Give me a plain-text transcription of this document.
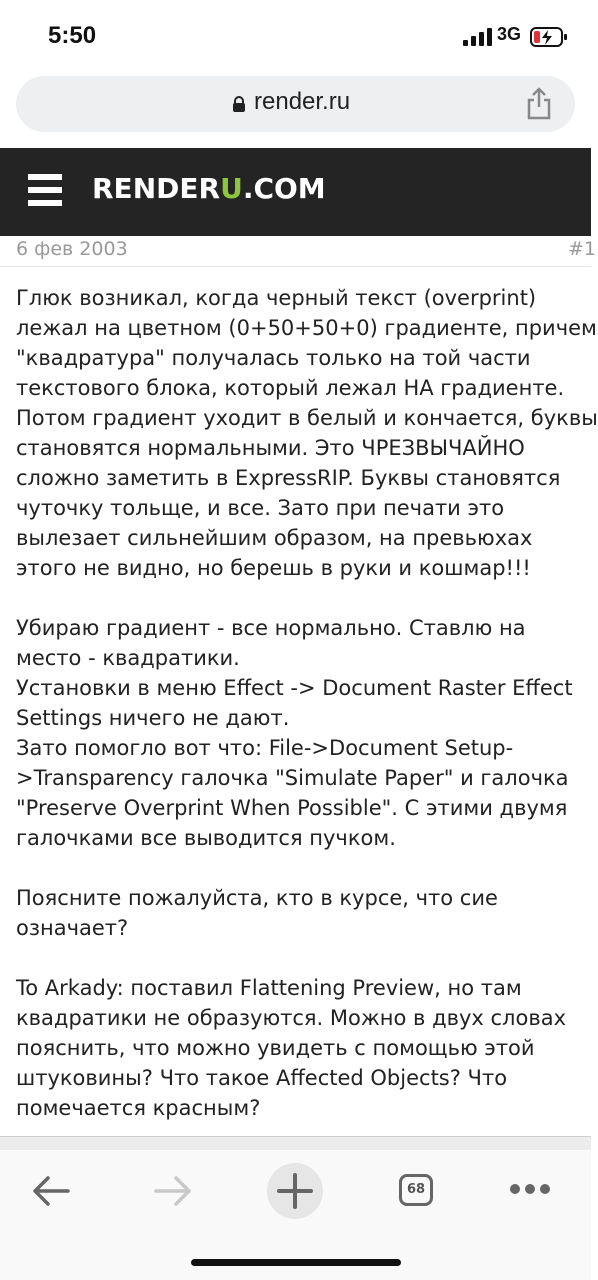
5:50	3G
render.ru
RENDERU.COM
6 фев 2003	#1
Глюк возникал, когда черный текст (overprint)
лежал на цветном (0+50+50+0) градиенте, причем
"квадратура" получалась только на той части
текстового блока, который лежал НА градиенте.
Потом градиент уходит в белый и кончается, буквы
становятся нормальными. Это ЧРЕЗВЫЧАЙНО
сложно заметить в ExpressRIP. Буквы становятся
чуточку тольще, и все. Зато при печати это
вылезает сильнейшим образом, на превьюхах
этого не видно, но берешь в руки и кошмар!!!
Убираю градиент - все нормально. Ставлю на
место - квадратики.
Установки в меню Effect -> Document Raster Effect
Settings ничего не дают.
Зато помогло вот что: File->Document Setup-
>Transparency галочка "Simulate Paper" и галочка
"Preserve Overprint When Possible". С этими двумя
галочками все выводится пучком.
Поясните пожалуйста, кто в курсе, что сие
означает?
To Arkady: поставил Flattening Preview, но там
квадратики не образуются. Можно в двух словах
пояснить, что можно увидеть с помощью этой
штуковины? Что такое Affected Objects? Что
помечается красным?
68
